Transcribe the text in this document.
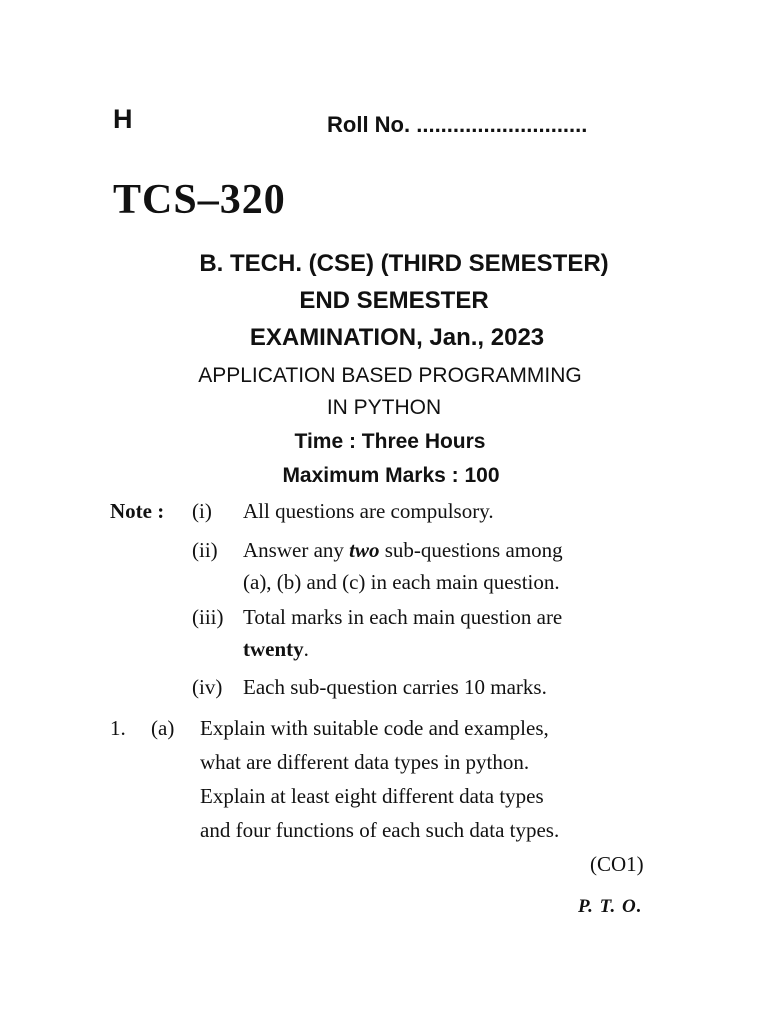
H	Roll No. ............................
TCS–320
B. TECH. (CSE) (THIRD SEMESTER)
END SEMESTER
EXAMINATION, Jan., 2023
APPLICATION BASED PROGRAMMING
IN PYTHON
Time : Three Hours
Maximum Marks : 100
Note : (i) All questions are compulsory.
(ii) Answer any two sub-questions among
(a), (b) and (c) in each main question.
(iii) Total marks in each main question are
twenty.
(iv) Each sub-question carries 10 marks.
1. (a) Explain with suitable code and examples,
what are different data types in python.
Explain at least eight different data types
and four functions of each such data types.
(CO1)
P. T. O.
